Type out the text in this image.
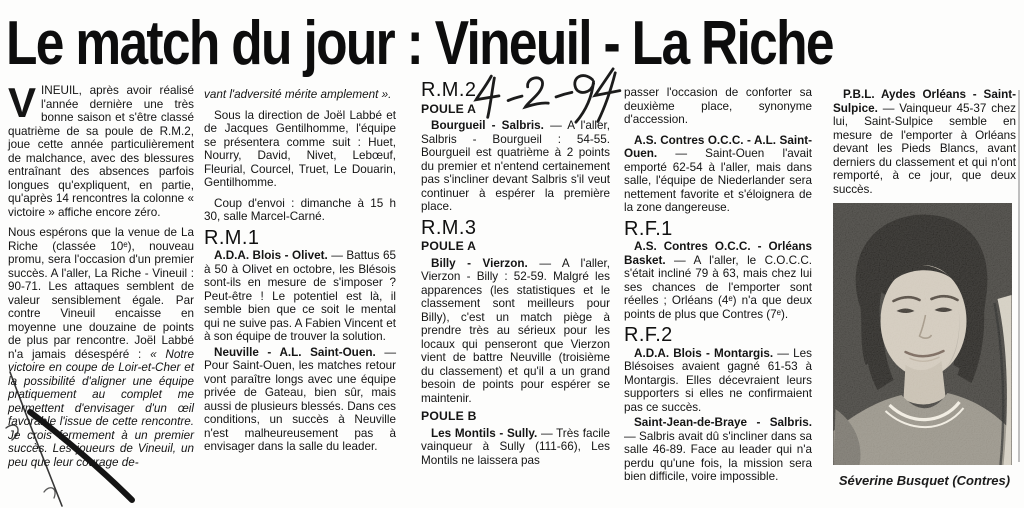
Le match du jour : Vineuil - La Riche

VINEUIL, après avoir réalisé l'année dernière une très bonne saison et s'être classé quatrième de sa poule de R.M.2, joue cette année particulièrement de malchance, avec des blessures entraînant des absences parfois longues qu'expliquent, en partie, qu'après 14 rencontres la colonne « victoire » affiche encore zéro.

Nous espérons que la venue de La Riche (classée 10ᵉ), nouveau promu, sera l'occasion d'un premier succès. A l'aller, La Riche - Vineuil : 90-71. Les attaques semblent de valeur sensiblement égale. Par contre Vineuil encaisse en moyenne une douzaine de points de plus par rencontre. Joël Labbé n'a jamais désespéré : « Notre victoire en coupe de Loir-et-Cher et la possibilité d'aligner une équipe pratiquement au complet me permettent d'envisager d'un œil favorable l'issue de cette rencontre. Je crois fermement à un premier succès. Les joueurs de Vineuil, un peu que leur courage de-

vant l'adversité mérite amplement ».

Sous la direction de Joël Labbé et de Jacques Gentilhomme, l'équipe se présentera comme suit : Huet, Nourry, David, Nivet, Lebœuf, Fleurial, Courcel, Truet, Le Douarin, Gentilhomme.

Coup d'envoi : dimanche à 15 h 30, salle Marcel-Carné.

R.M.1

A.D.A. Blois - Olivet. — Battus 65 à 50 à Olivet en octobre, les Blésois sont-ils en mesure de s'imposer ? Peut-être ! Le potentiel est là, il semble bien que ce soit le mental qui ne suive pas. A Fabien Vincent et à son équipe de trouver la solution.

Neuville - A.L. Saint-Ouen. — Pour Saint-Ouen, les matches retour vont paraître longs avec une équipe privée de Gateau, bien sûr, mais aussi de plusieurs blessés. Dans ces conditions, un succès à Neuville n'est malheureusement pas à envisager dans la salle du leader.

R.M.2
POULE A

Bourgueil - Salbris. — A l'aller, Salbris - Bourgueil : 54-55. Bourgueil est quatrième à 2 points du premier et n'entend certainement pas s'incliner devant Salbris s'il veut continuer à espérer la première place.

R.M.3
POULE A

Billy - Vierzon. — A l'aller, Vierzon - Billy : 52-59. Malgré les apparences (les statistiques et le classement sont meilleurs pour Billy), c'est un match piège à prendre très au sérieux pour les locaux qui penseront que Vierzon vient de battre Neuville (troisième du classement) et qu'il a un grand besoin de points pour espérer se maintenir.

POULE B

Les Montils - Sully. — Très facile vainqueur à Sully (111-66), Les Montils ne laissera pas

passer l'occasion de conforter sa deuxième place, synonyme d'accession.

A.S. Contres O.C.C. - A.L. Saint-Ouen. — Saint-Ouen l'avait emporté 62-54 à l'aller, mais dans salle, l'équipe de Niederlander sera nettement favorite et s'éloignera de la zone dangereuse.

R.F.1

A.S. Contres O.C.C. - Orléans Basket. — A l'aller, le C.O.C.C. s'était incliné 79 à 63, mais chez lui ses chances de l'emporter sont réelles ; Orléans (4ᵉ) n'a que deux points de plus que Contres (7ᵉ).

R.F.2

A.D.A. Blois - Montargis. — Les Blésoises avaient gagné 61-53 à Montargis. Elles décevraient leurs supporters si elles ne confirmaient pas ce succès.

Saint-Jean-de-Braye - Salbris. — Salbris avait dû s'incliner dans sa salle 46-89. Face au leader qui n'a perdu qu'une fois, la mission sera bien difficile, voire impossible.

P.B.L. Aydes Orléans - Saint-Sulpice. — Vainqueur 45-37 chez lui, Saint-Sulpice semble en mesure de l'emporter à Orléans devant les Pieds Blancs, avant derniers du classement et qui n'ont remporté, à ce jour, que deux succès.

Séverine Busquet (Contres)
